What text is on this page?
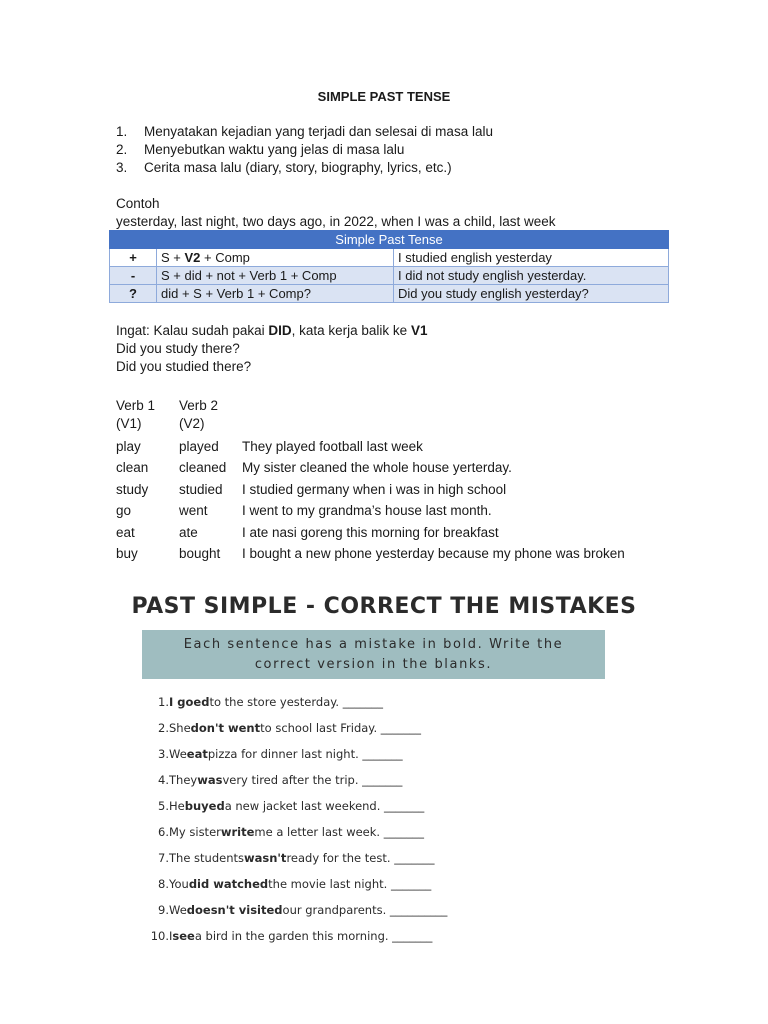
SIMPLE PAST TENSE
1.	Menyatakan kejadian yang terjadi dan selesai di masa lalu
2.	Menyebutkan waktu yang jelas di masa lalu
3.	Cerita masa lalu (diary, story, biography, lyrics, etc.)
Contoh
yesterday, last night, two days ago, in 2022, when I was a child, last week
Simple Past Tense		
+	S + V2 + Comp	I studied english yesterday
-	S + did + not + Verb 1 + Comp	I did not study english yesterday.
?	did + S + Verb 1 + Comp?	Did you study english yesterday?
Ingat: Kalau sudah pakai DID, kata kerja balik ke V1
Did you study there?
Did you studied there?
Verb 1	Verb 2
(V1)	(V2)
play	played	They played football last week
clean	cleaned	My sister cleaned the whole house yerterday.
study	studied	I studied germany when i was in high school
go	went	I went to my grandma’s house last month.
eat	ate	I ate nasi goreng this morning for breakfast
buy	bought	I bought a new phone yesterday because my phone was broken
PAST SIMPLE - CORRECT THE MISTAKES
Each sentence has a mistake in bold. Write the
correct version in the blanks.
1. I goed to the store yesterday. _______
2. She don't went to school last Friday. _______
3. We eat pizza for dinner last night. _______
4. They was very tired after the trip. _______
5. He buyed a new jacket last weekend. _______
6. My sister write me a letter last week. _______
7. The students wasn't ready for the test. _______
8. You did watched the movie last night. _______
9. We doesn't visited our grandparents. __________
10. I see a bird in the garden this morning. _______
